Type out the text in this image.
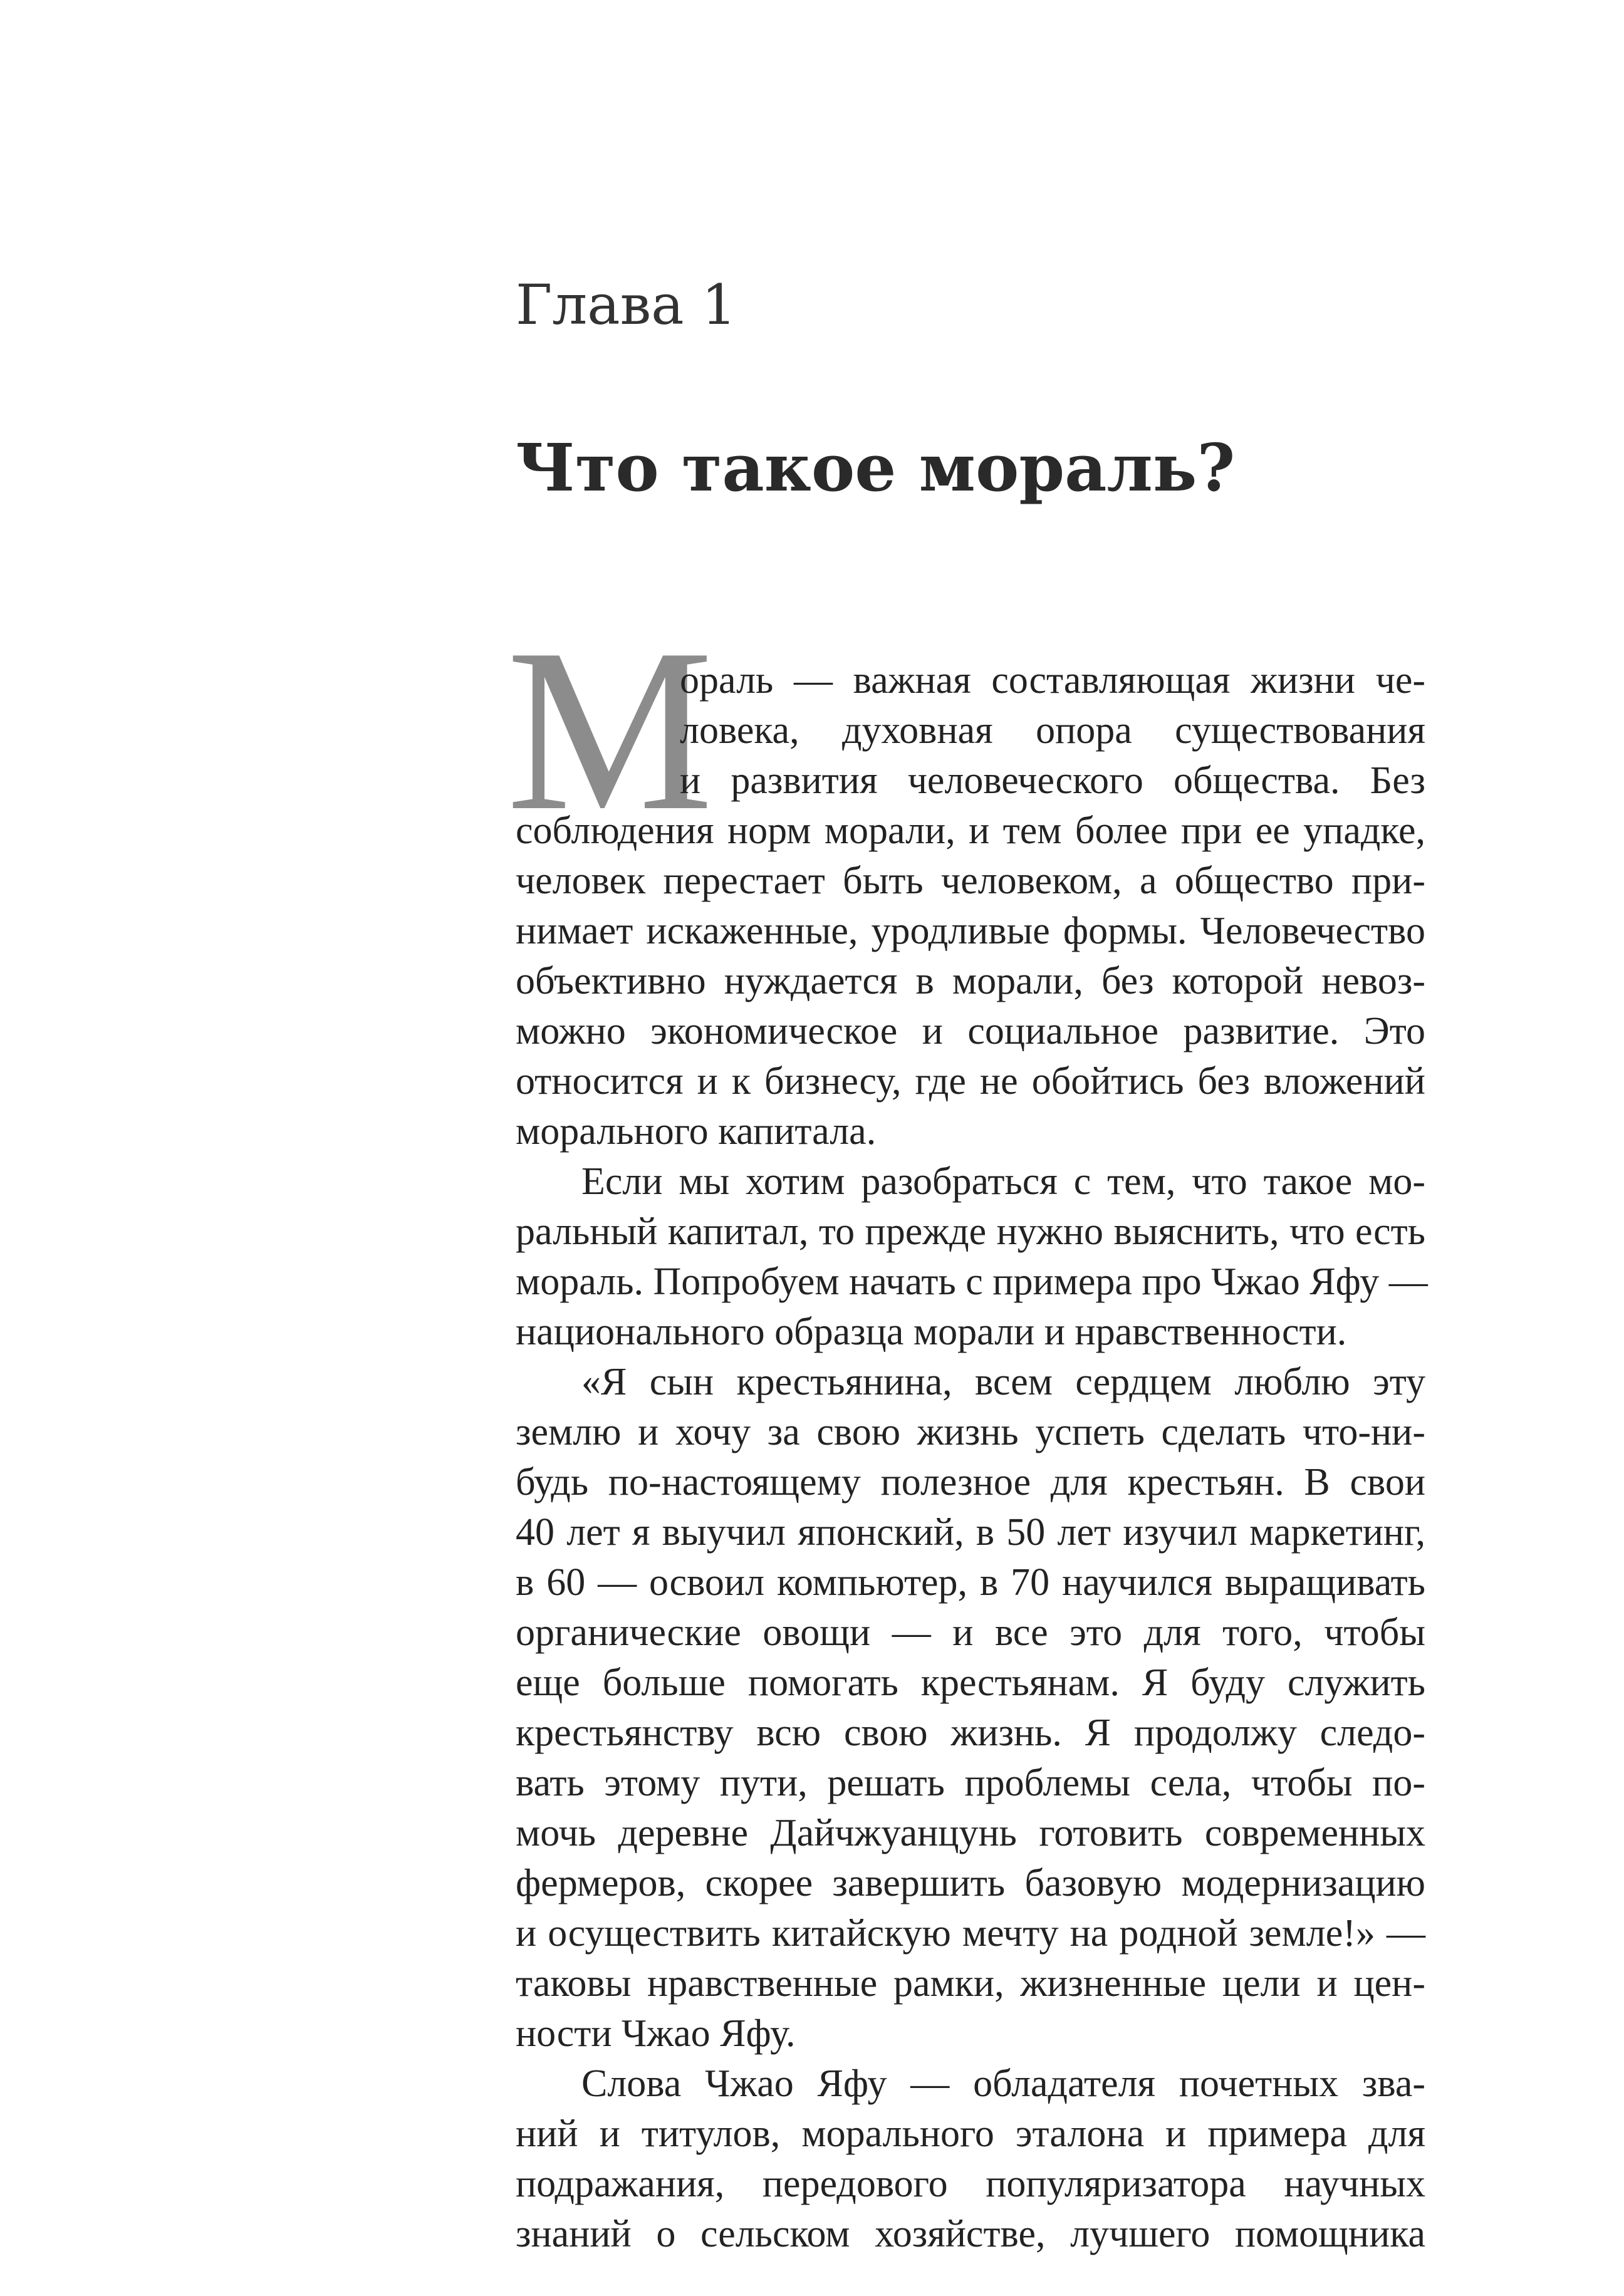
Глава 1
Что такое мораль?
М
ораль — важная составляющая жизни че-
ловека, духовная опора существования
и развития человеческого общества. Без
соблюдения норм морали, и тем более при ее упадке,
человек перестает быть человеком, а общество при-
нимает искаженные, уродливые формы. Человечество
объективно нуждается в морали, без которой невоз-
можно экономическое и социальное развитие. Это
относится и к бизнесу, где не обойтись без вложений
морального капитала.
Если мы хотим разобраться с тем, что такое мо-
ральный капитал, то прежде нужно выяснить, что есть
мораль. Попробуем начать с примера про Чжао Яфу —
национального образца морали и нравственности.
«Я сын крестьянина, всем сердцем люблю эту
землю и хочу за свою жизнь успеть сделать что-ни-
будь по-настоящему полезное для крестьян. В свои
40 лет я выучил японский, в 50 лет изучил маркетинг,
в 60 — освоил компьютер, в 70 научился выращивать
органические овощи — и все это для того, чтобы
еще больше помогать крестьянам. Я буду служить
крестьянству всю свою жизнь. Я продолжу следо-
вать этому пути, решать проблемы села, чтобы по-
мочь деревне Дайчжуанцунь готовить современных
фермеров, скорее завершить базовую модернизацию
и осуществить китайскую мечту на родной земле!» —
таковы нравственные рамки, жизненные цели и цен-
ности Чжао Яфу.
Слова Чжао Яфу — обладателя почетных зва-
ний и титулов, морального эталона и примера для
подражания, передового популяризатора научных
знаний о сельском хозяйстве, лучшего помощника
